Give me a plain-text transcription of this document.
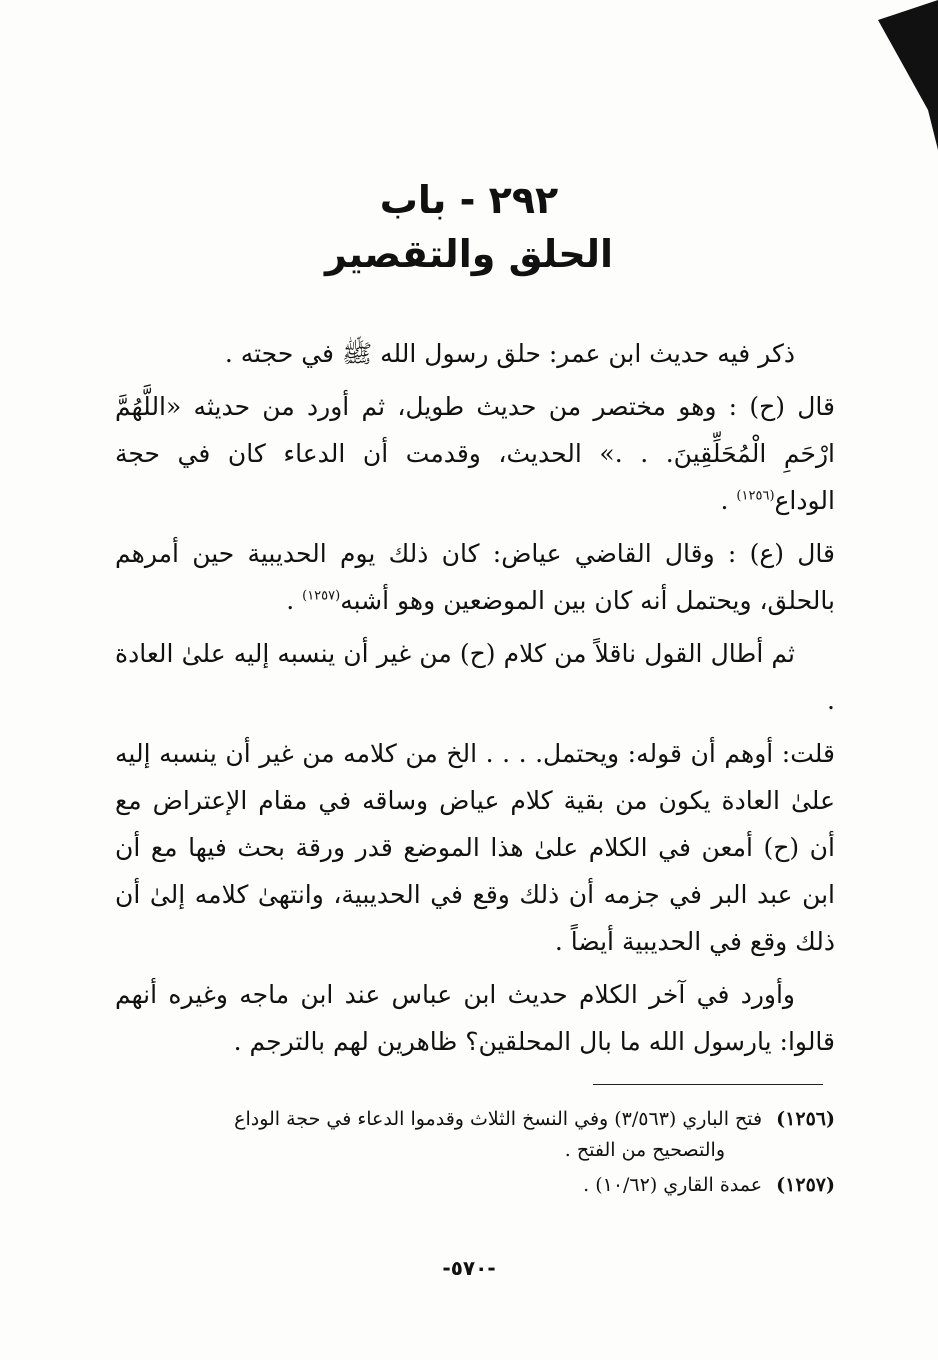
٢٩٢ - باب
الحلق والتقصير

ذكر فيه حديث ابن عمر: حلق رسول الله ﷺ في حجته .

قال (ح) : وهو مختصر من حديث طويل، ثم أورد من حديثه «اللَّهُمَّ ارْحَمِ الْمُحَلِّقِينَ. . .» الحديث، وقدمت أن الدعاء كان في حجة الوداع$^{(١٢٥٦)}$ .

قال (ع) : وقال القاضي عياض: كان ذلك يوم الحديبية حين أمرهم بالحلق، ويحتمل أنه كان بين الموضعين وهو أشبه$^{(١٢٥٧)}$ .

ثم أطال القول ناقلاً من كلام (ح) من غير أن ينسبه إليه علىٰ العادة .

قلت: أوهم أن قوله: ويحتمل. . . . الخ من كلامه من غير أن ينسبه إليه علىٰ العادة يكون من بقية كلام عياض وساقه في مقام الإعتراض مع أن (ح) أمعن في الكلام علىٰ هذا الموضع قدر ورقة بحث فيها مع أن ابن عبد البر في جزمه أن ذلك وقع في الحديبية، وانتهىٰ كلامه إلىٰ أن ذلك وقع في الحديبية أيضاً .

وأورد في آخر الكلام حديث ابن عباس عند ابن ماجه وغيره أنهم قالوا: يارسول الله ما بال المحلقين؟ ظاهرين لهم بالترجم .

(١٢٥٦) فتح الباري (٣/٥٦٣) وفي النسخ الثلاث وقدموا الدعاء في حجة الوداع
والتصحيح من الفتح .
(١٢٥٧) عمدة القاري (١٠/٦٢) .
-٥٧٠-
